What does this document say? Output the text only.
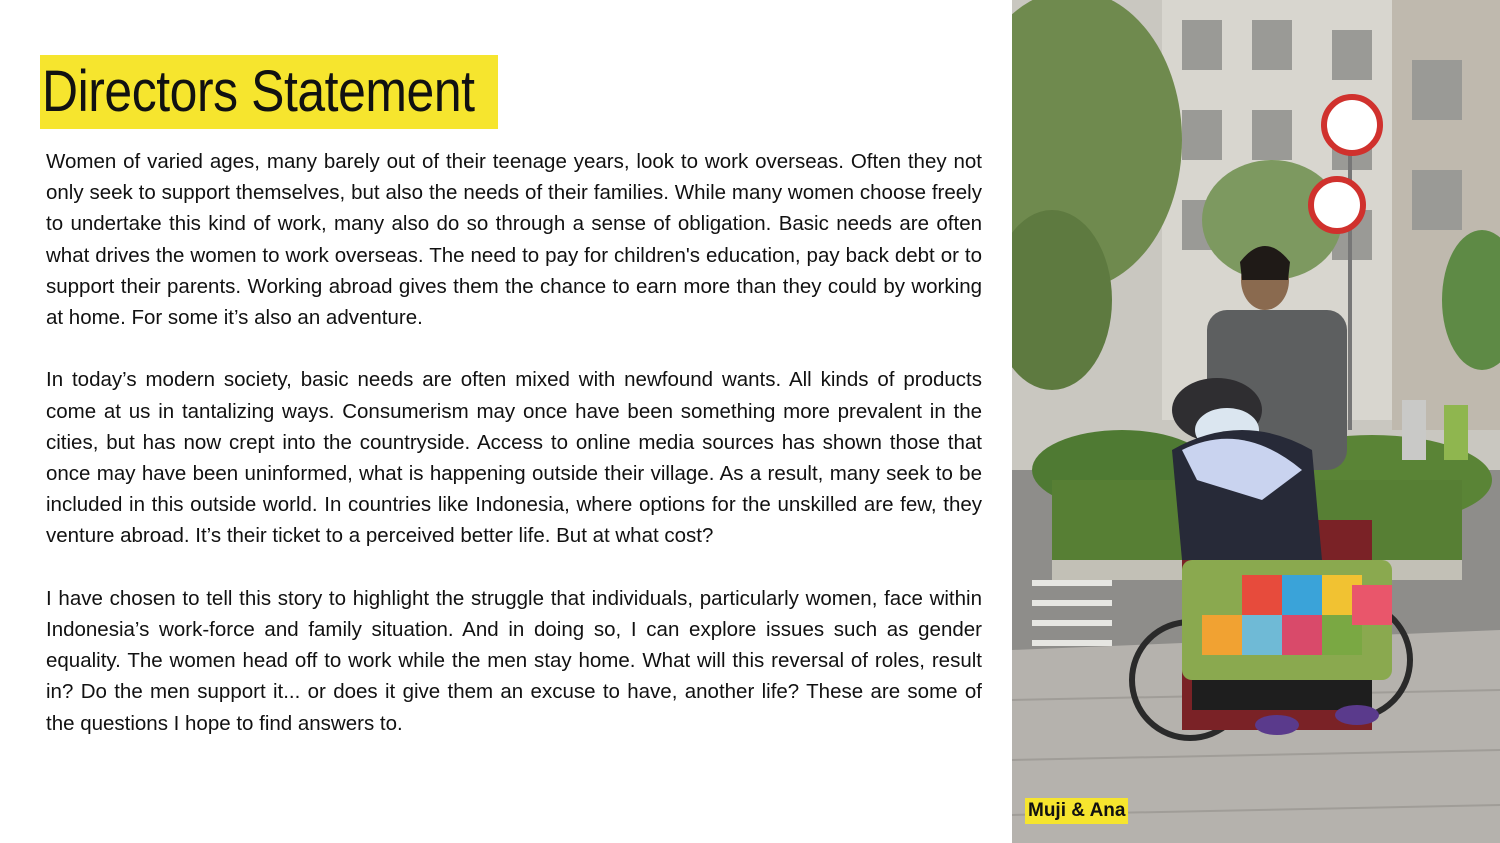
Directors Statement

Women of varied ages, many barely out of their teenage years, look to work overseas. Often they not only seek to support themselves, but also the needs of their families. While many women choose freely to undertake this kind of work, many also do so through a sense of obligation. Basic needs are often what drives the women to work overseas. The need to pay for children's education, pay back debt or to support their parents. Working abroad gives them the chance to earn more than they could by working at home. For some it’s also an adventure.

In today’s modern society, basic needs are often mixed with newfound wants. All kinds of products come at us in tantalizing ways. Consumerism may once have been something more prevalent in the cities, but has now crept into the countryside. Access to online media sources has shown those that once may have been uninformed, what is happening outside their village. As a result, many seek to be included in this outside world. In countries like Indonesia, where options for the unskilled are few, they venture abroad. It’s their ticket to a perceived better life. But at what cost?

I have chosen to tell this story to highlight the struggle that individuals, particularly women, face within Indonesia’s work-force and family situation. And in doing so, I can explore issues such as gender equality. The women head off to work while the men stay home. What will this reversal of roles, result in? Do the men support it... or does it give them an excuse to have, another life? These are some of the questions I hope to find answers to.

Muji & Ana
